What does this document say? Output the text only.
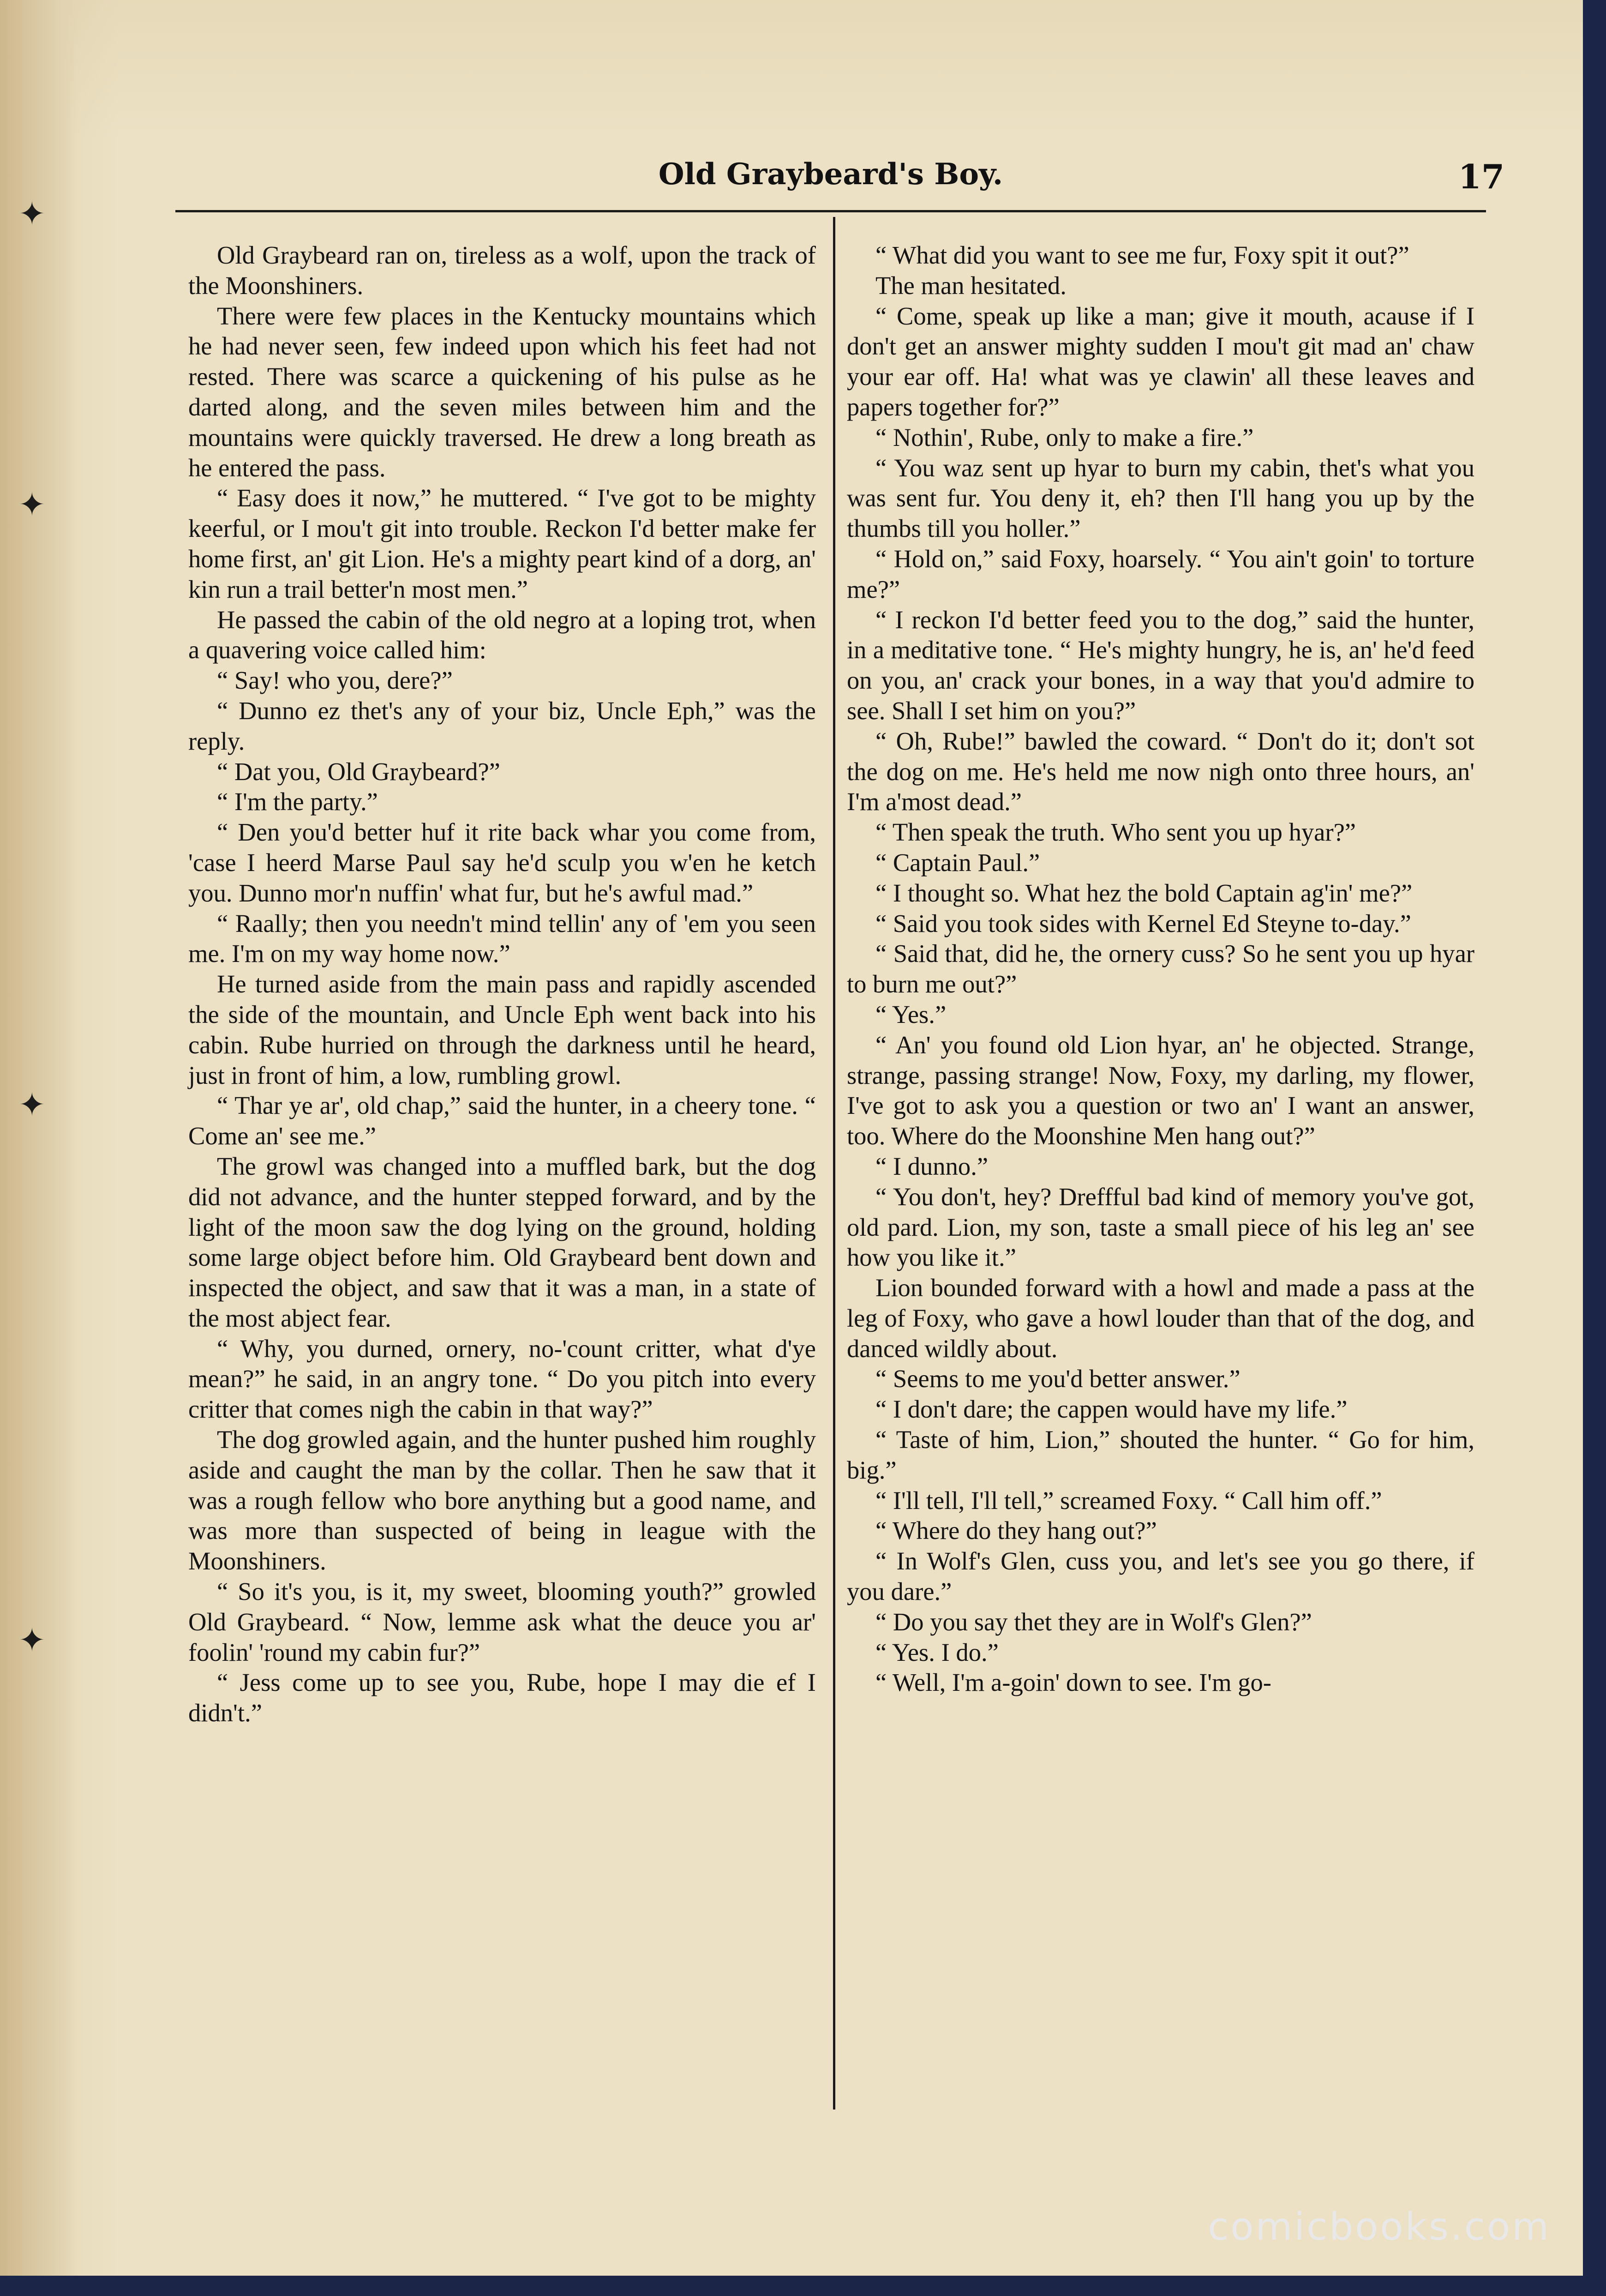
✦
✦
✦
✦
Old Graybeard's Boy.	17

Old Graybeard ran on, tireless as a wolf, upon the track of the Moonshiners.

There were few places in the Kentucky mountains which he had never seen, few indeed upon which his feet had not rested. There was scarce a quickening of his pulse as he darted along, and the seven miles between him and the mountains were quickly traversed. He drew a long breath as he entered the pass.

“ Easy does it now,” he muttered. “ I've got to be mighty keerful, or I mou't git into trouble. Reckon I'd better make fer home first, an' git Lion. He's a mighty peart kind of a dorg, an' kin run a trail better'n most men.”

He passed the cabin of the old negro at a loping trot, when a quavering voice called him:

“ Say! who you, dere?”

“ Dunno ez thet's any of your biz, Uncle Eph,” was the reply.

“ Dat you, Old Graybeard?”

“ I'm the party.”

“ Den you'd better huf it rite back whar you come from, 'case I heerd Marse Paul say he'd sculp you w'en he ketch you. Dunno mor'n nuffin' what fur, but he's awful mad.”

“ Raally; then you needn't mind tellin' any of 'em you seen me. I'm on my way home now.”

He turned aside from the main pass and rapidly ascended the side of the mountain, and Uncle Eph went back into his cabin. Rube hurried on through the darkness until he heard, just in front of him, a low, rumbling growl.

“ Thar ye ar', old chap,” said the hunter, in a cheery tone. “ Come an' see me.”

The growl was changed into a muffled bark, but the dog did not advance, and the hunter stepped forward, and by the light of the moon saw the dog lying on the ground, holding some large object before him. Old Graybeard bent down and inspected the object, and saw that it was a man, in a state of the most abject fear.

“ Why, you durned, ornery, no-'count critter, what d'ye mean?” he said, in an angry tone. “ Do you pitch into every critter that comes nigh the cabin in that way?”

The dog growled again, and the hunter pushed him roughly aside and caught the man by the collar. Then he saw that it was a rough fellow who bore anything but a good name, and was more than suspected of being in league with the Moonshiners.

“ So it's you, is it, my sweet, blooming youth?” growled Old Graybeard. “ Now, lemme ask what the deuce you ar' foolin' 'round my cabin fur?”

“ Jess come up to see you, Rube, hope I may die ef I didn't.”

“ What did you want to see me fur, Foxy spit it out?”

The man hesitated.

“ Come, speak up like a man; give it mouth, acause if I don't get an answer mighty sudden I mou't git mad an' chaw your ear off. Ha! what was ye clawin' all these leaves and papers together for?”

“ Nothin', Rube, only to make a fire.”

“ You waz sent up hyar to burn my cabin, thet's what you was sent fur. You deny it, eh? then I'll hang you up by the thumbs till you holler.”

“ Hold on,” said Foxy, hoarsely. “ You ain't goin' to torture me?”

“ I reckon I'd better feed you to the dog,” said the hunter, in a meditative tone. “ He's mighty hungry, he is, an' he'd feed on you, an' crack your bones, in a way that you'd admire to see. Shall I set him on you?”

“ Oh, Rube!” bawled the coward. “ Don't do it; don't sot the dog on me. He's held me now nigh onto three hours, an' I'm a'most dead.”

“ Then speak the truth. Who sent you up hyar?”

“ Captain Paul.”

“ I thought so. What hez the bold Captain ag'in' me?”

“ Said you took sides with Kernel Ed Steyne to-day.”

“ Said that, did he, the ornery cuss? So he sent you up hyar to burn me out?”

“ Yes.”

“ An' you found old Lion hyar, an' he objected. Strange, strange, passing strange! Now, Foxy, my darling, my flower, I've got to ask you a question or two an' I want an answer, too. Where do the Moonshine Men hang out?”

“ I dunno.”

“ You don't, hey? Dreffful bad kind of memory you've got, old pard. Lion, my son, taste a small piece of his leg an' see how you like it.”

Lion bounded forward with a howl and made a pass at the leg of Foxy, who gave a howl louder than that of the dog, and danced wildly about.

“ Seems to me you'd better answer.”

“ I don't dare; the cappen would have my life.”

“ Taste of him, Lion,” shouted the hunter. “ Go for him, big.”

“ I'll tell, I'll tell,” screamed Foxy. “ Call him off.”

“ Where do they hang out?”

“ In Wolf's Glen, cuss you, and let's see you go there, if you dare.”

“ Do you say thet they are in Wolf's Glen?”

“ Yes. I do.”

“ Well, I'm a-goin' down to see. I'm go-

comicbooks.com
